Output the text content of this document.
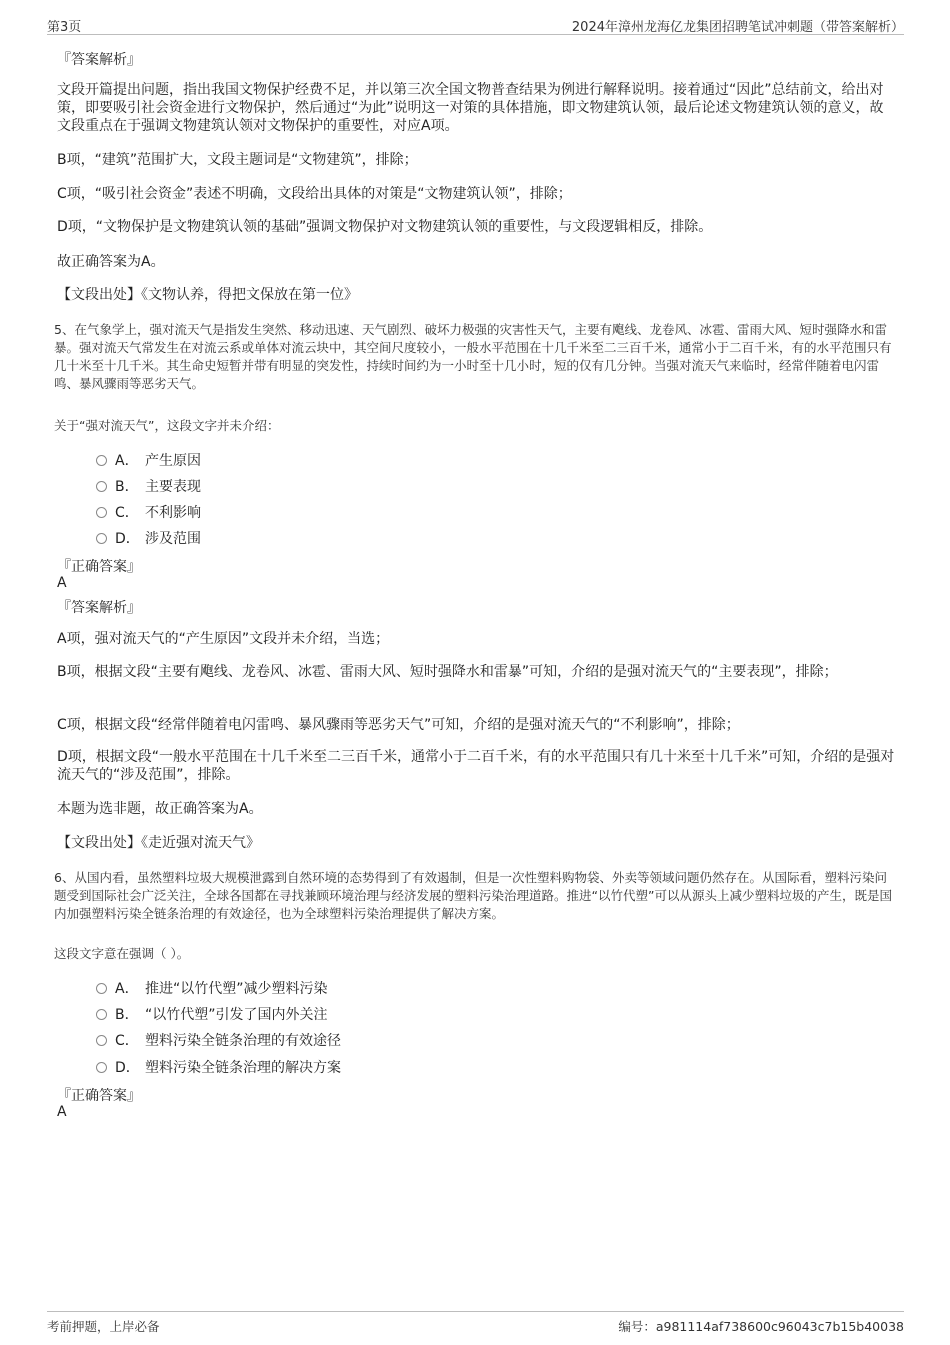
第3页	2024年漳州龙海亿龙集团招聘笔试冲刺题（带答案解析）
『答案解析』
文段开篇提出问题，指出我国文物保护经费不足，并以第三次全国文物普查结果为例进行解释说明。接着通过“因此”总结前文，给出对策，即要吸引社会资金进行文物保护，然后通过“为此”说明这一对策的具体措施，即文物建筑认领，最后论述文物建筑认领的意义，故文段重点在于强调文物建筑认领对文物保护的重要性，对应A项。
B项，“建筑”范围扩大，文段主题词是“文物建筑”，排除；
C项，“吸引社会资金”表述不明确，文段给出具体的对策是“文物建筑认领”，排除；
D项，“文物保护是文物建筑认领的基础”强调文物保护对文物建筑认领的重要性，与文段逻辑相反，排除。
故正确答案为A。
【文段出处】《文物认养，得把文保放在第一位》
5、在气象学上，强对流天气是指发生突然、移动迅速、天气剧烈、破坏力极强的灾害性天气，主要有飑线、龙卷风、冰雹、雷雨大风、短时强降水和雷暴。强对流天气常发生在对流云系或单体对流云块中，其空间尺度较小，一般水平范围在十几千米至二三百千米，通常小于二百千米，有的水平范围只有几十米至十几千米。其生命史短暂并带有明显的突发性，持续时间约为一小时至十几小时，短的仅有几分钟。当强对流天气来临时，经常伴随着电闪雷鸣、暴风骤雨等恶劣天气。
关于“强对流天气”，这段文字并未介绍：
A． 产生原因
B． 主要表现
C． 不利影响
D． 涉及范围
『正确答案』
A
『答案解析』
A项，强对流天气的“产生原因”文段并未介绍，当选；
B项，根据文段“主要有飑线、龙卷风、冰雹、雷雨大风、短时强降水和雷暴”可知，介绍的是强对流天气的“主要表现”，排除；
C项，根据文段“经常伴随着电闪雷鸣、暴风骤雨等恶劣天气”可知，介绍的是强对流天气的“不利影响”，排除；
D项，根据文段“一般水平范围在十几千米至二三百千米，通常小于二百千米，有的水平范围只有几十米至十几千米”可知，介绍的是强对流天气的“涉及范围”，排除。
本题为选非题，故正确答案为A。
【文段出处】《走近强对流天气》
6、从国内看，虽然塑料垃圾大规模泄露到自然环境的态势得到了有效遏制，但是一次性塑料购物袋、外卖等领域问题仍然存在。从国际看，塑料污染问题受到国际社会广泛关注，全球各国都在寻找兼顾环境治理与经济发展的塑料污染治理道路。推进“以竹代塑”可以从源头上减少塑料垃圾的产生，既是国内加强塑料污染全链条治理的有效途径，也为全球塑料污染治理提供了解决方案。
这段文字意在强调（ ）。
A． 推进“以竹代塑”减少塑料污染
B． “以竹代塑”引发了国内外关注
C． 塑料污染全链条治理的有效途径
D． 塑料污染全链条治理的解决方案
『正确答案』
A
考前押题，上岸必备	编号：a981114af738600c96043c7b15b40038
